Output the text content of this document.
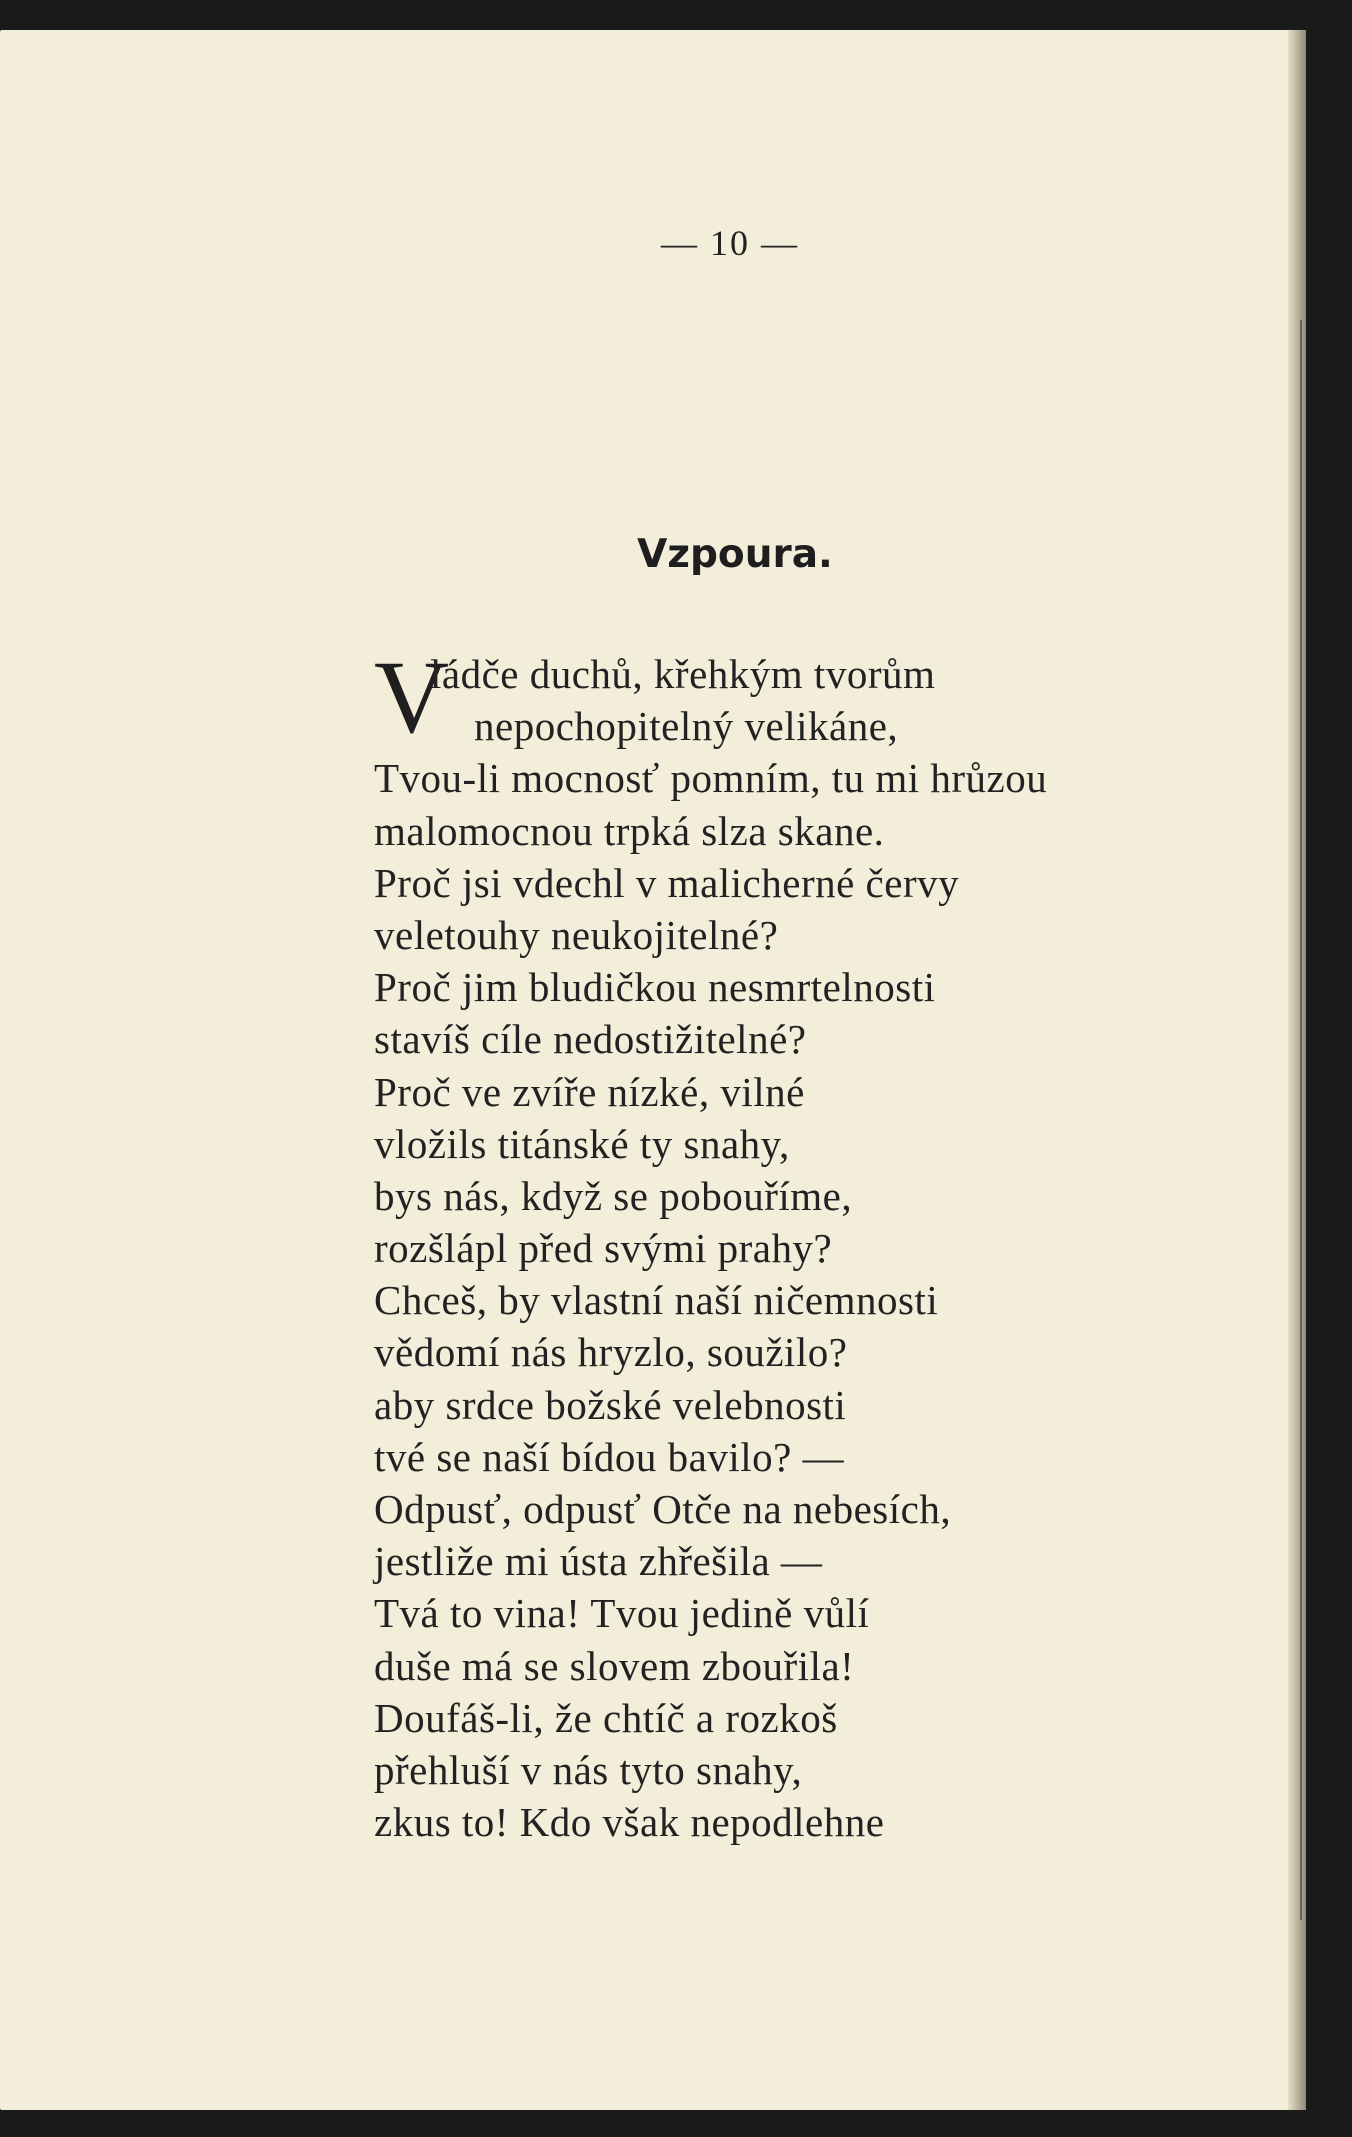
— 10 —
Vzpoura.
V
ládče duchů, křehkým tvorům
nepochopitelný velikáne,
Tvou-li mocnosť pomním, tu mi hrůzou
malomocnou trpká slza skane.
Proč jsi vdechl v malicherné červy
veletouhy neukojitelné?
Proč jim bludičkou nesmrtelnosti
stavíš cíle nedostižitelné?
Proč ve zvíře nízké, vilné
vložils titánské ty snahy,
bys nás, když se pobouříme,
rozšlápl před svými prahy?
Chceš, by vlastní naší ničemnosti
vědomí nás hryzlo, soužilo?
aby srdce božské velebnosti
tvé se naší bídou bavilo? —
Odpusť, odpusť Otče na nebesích,
jestliže mi ústa zhřešila —
Tvá to vina! Tvou jedině vůlí
duše má se slovem zbouřila!
Doufáš-li, že chtíč a rozkoš
přehluší v nás tyto snahy,
zkus to! Kdo však nepodlehne
